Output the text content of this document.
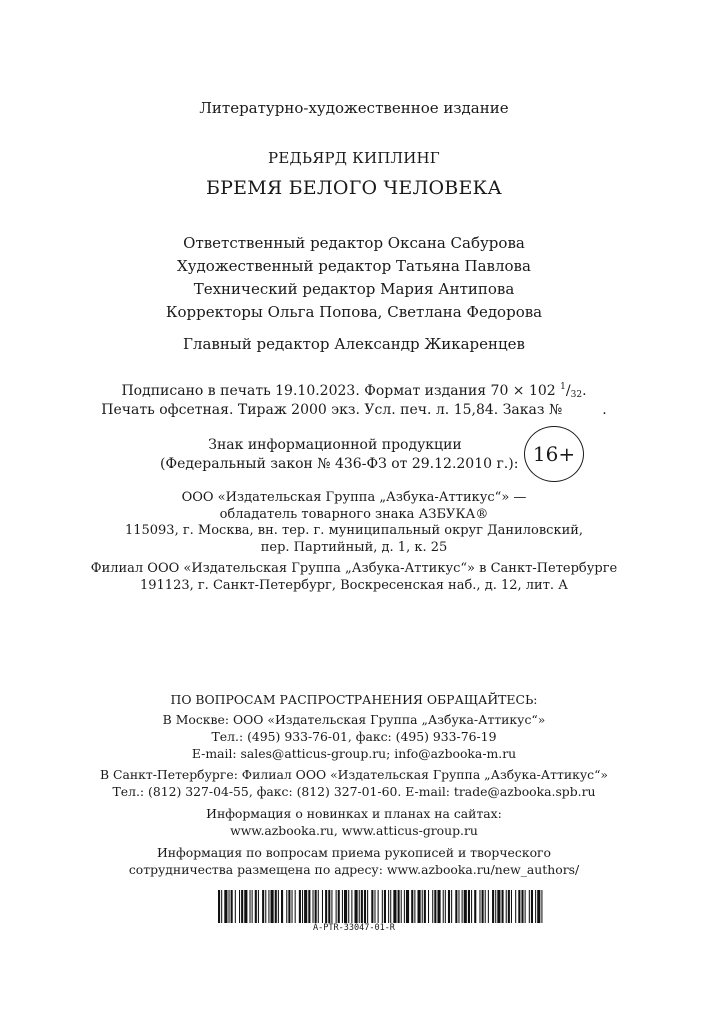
Литературно-художественное издание
РЕДЬЯРД КИПЛИНГ
БРЕМЯ БЕЛОГО ЧЕЛОВЕКА
Ответственный редактор Оксана Сабурова
Художественный редактор Татьяна Павлова
Технический редактор Мария Антипова
Корректоры Ольга Попова, Светлана Федорова
Главный редактор Александр Жикаренцев
Подписано в печать 19.10.2023. Формат издания 70 × 102 $^1/_{32}$.
Печать офсетная. Тираж 2000 экз. Усл. печ. л. 15,84. Заказ №         .
Знак информационной продукции
(Федеральный закон № 436-ФЗ от 29.12.2010 г.): 16+
ООО «Издательская Группа „Азбука-Аттикус“» —
обладатель товарного знака АЗБУКА®
115093, г. Москва, вн. тер. г. муниципальный округ Даниловский,
пер. Партийный, д. 1, к. 25
Филиал ООО «Издательская Группа „Азбука-Аттикус“» в Санкт-Петербурге
191123, г. Санкт-Петербург, Воскресенская наб., д. 12, лит. А
ПО ВОПРОСАМ РАСПРОСТРАНЕНИЯ ОБРАЩАЙТЕСЬ:
В Москве: ООО «Издательская Группа „Азбука-Аттикус“»
Тел.: (495) 933-76-01, факс: (495) 933-76-19
E-mail: sales@atticus-group.ru; info@azbooka-m.ru
В Санкт-Петербурге: Филиал ООО «Издательская Группа „Азбука-Аттикус“»
Тел.: (812) 327-04-55, факс: (812) 327-01-60. E-mail: trade@azbooka.spb.ru
Информация о новинках и планах на сайтах:
www.azbooka.ru, www.atticus-group.ru
Информация по вопросам приема рукописей и творческого
сотрудничества размещена по адресу: www.azbooka.ru/new_authors/
A-PTR-33047-01-R
